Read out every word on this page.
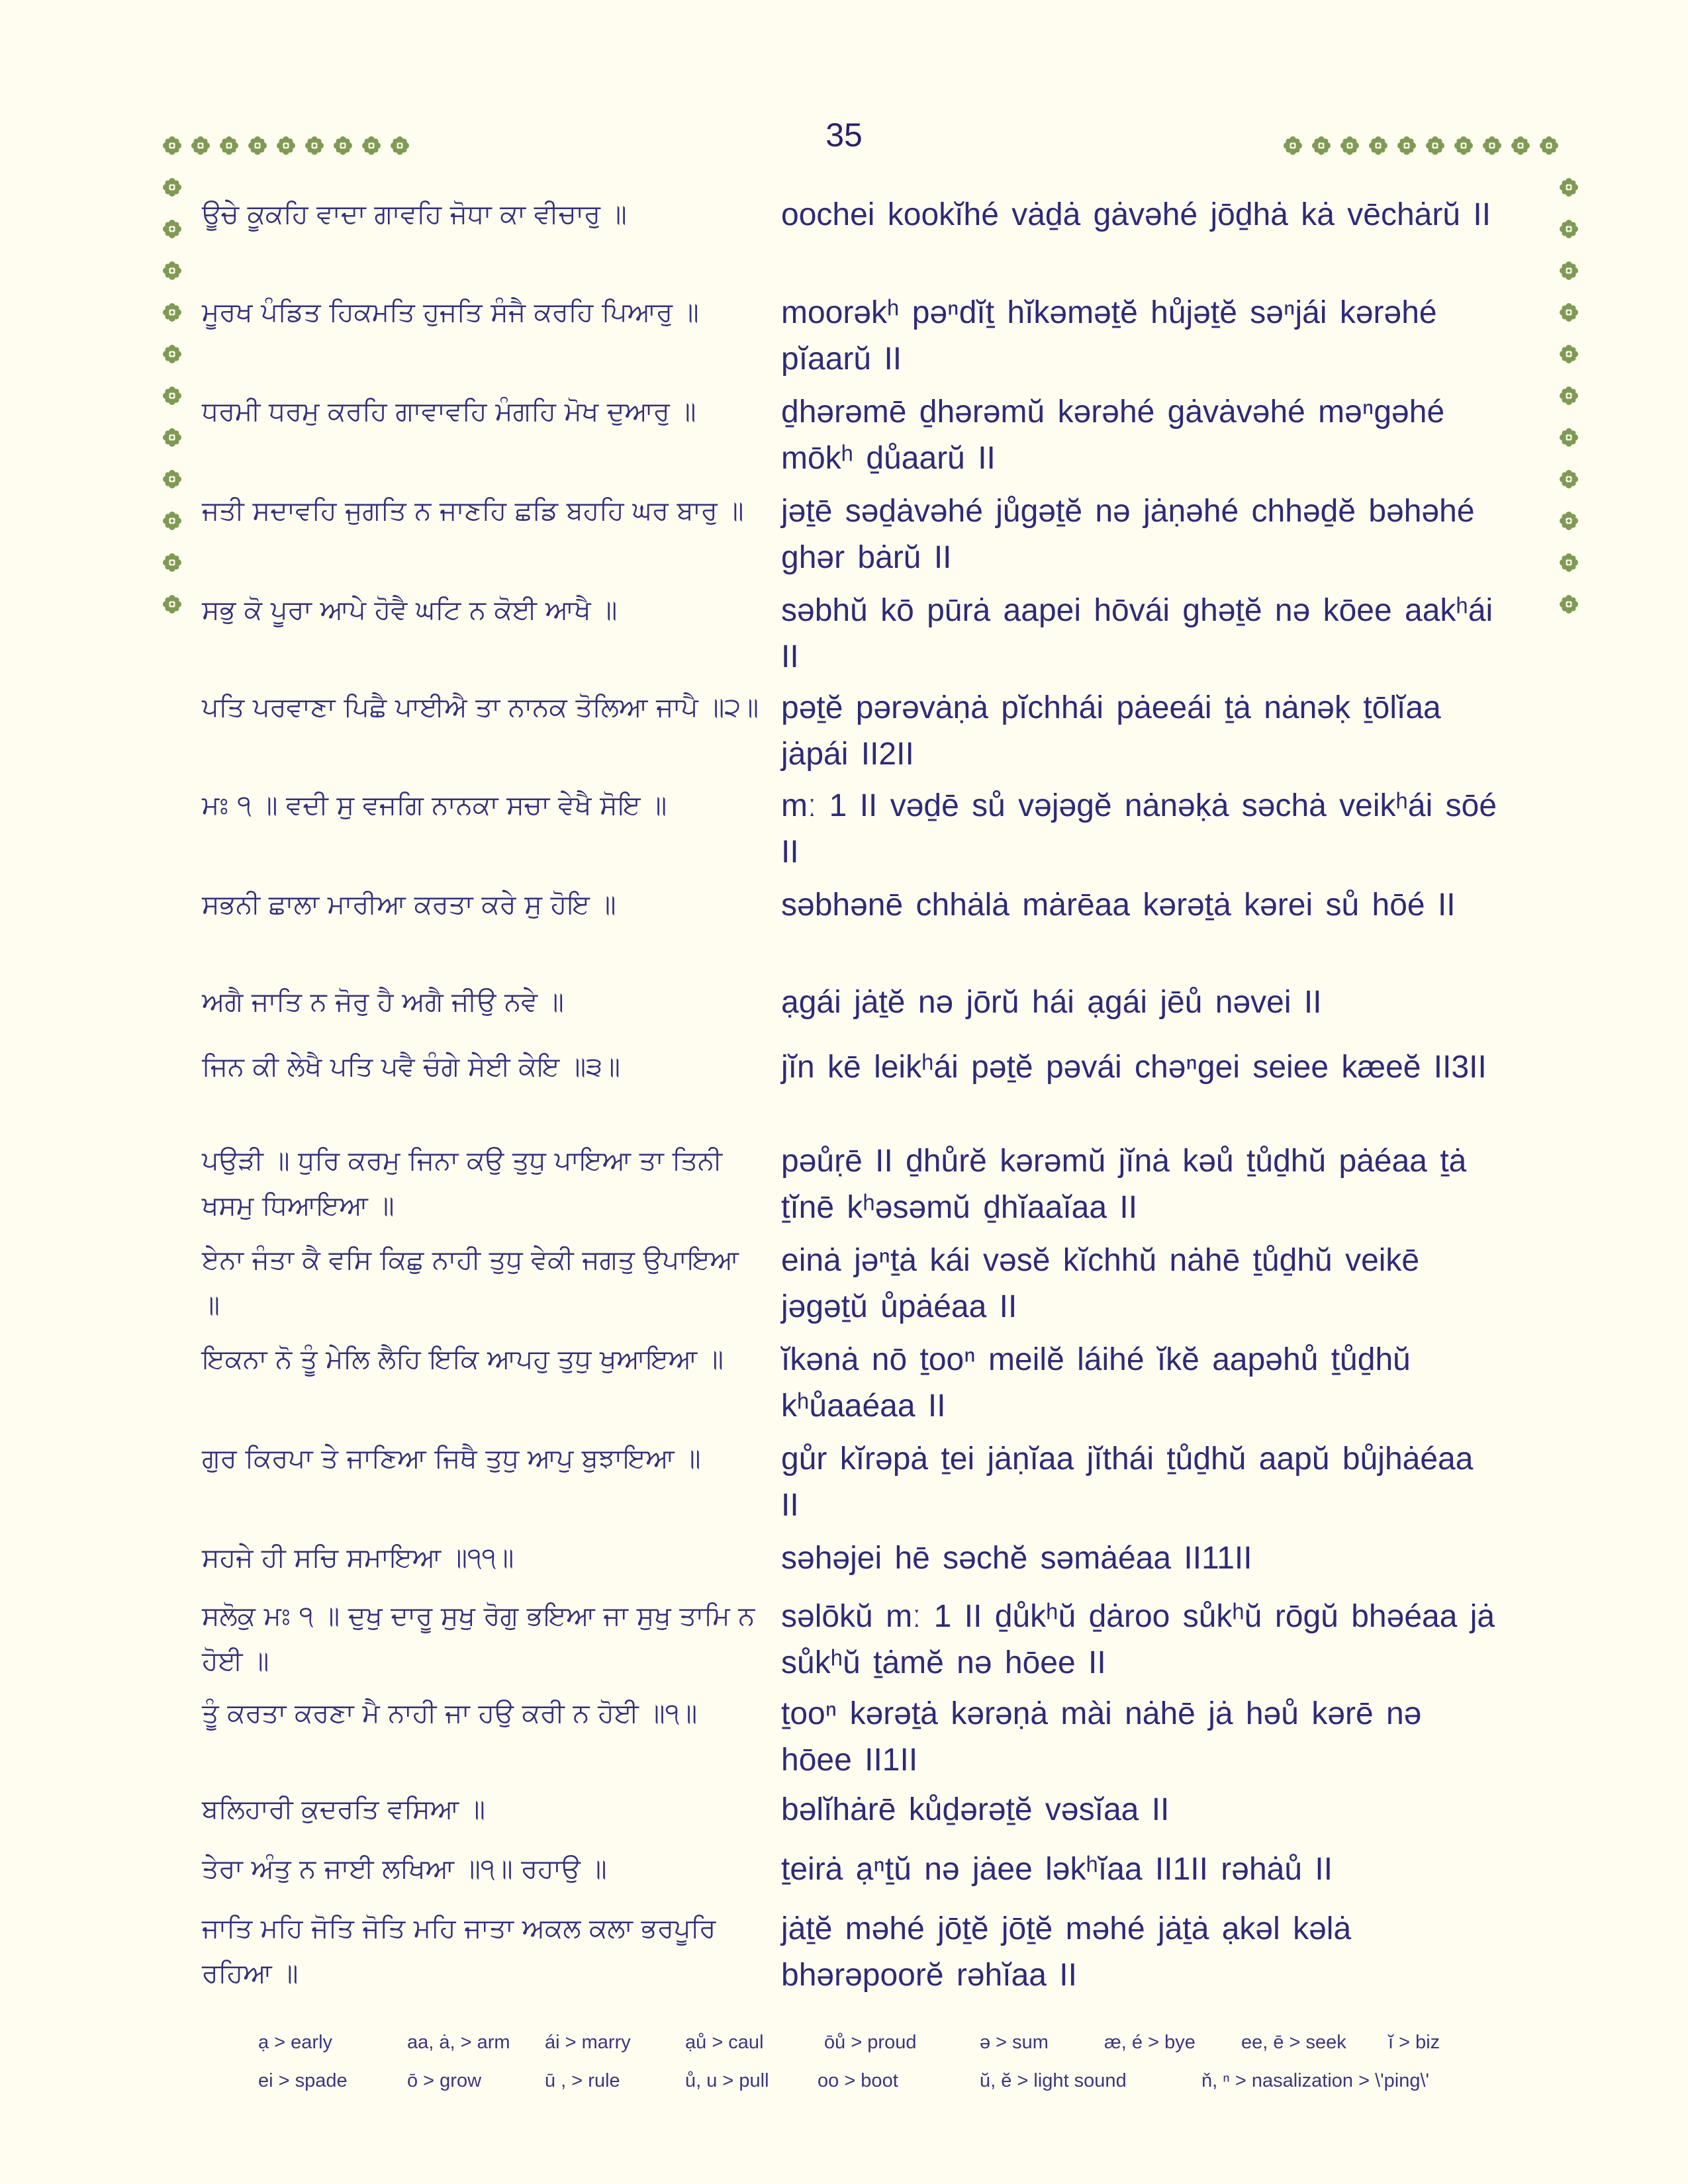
35
ਊਚੇ ਕੂਕਹਿ ਵਾਦਾ ਗਾਵਹਿ ਜੋਧਾ ਕਾ ਵੀਚਾਰੁ ॥	oochei kookĭhé vȧḏȧ gȧvəhé jōḏhȧ kȧ vēchȧrŭ II
ਮੂਰਖ ਪੰਡਿਤ ਹਿਕਮਤਿ ਹੁਜਤਿ ਸੰਜੈ ਕਰਹਿ ਪਿਆਰੁ ॥	moorəkʰ pəⁿdĭṯ hĭkəməṯĕ hůjəṯĕ səⁿjái kərəhé pĭaarŭ II
ਧਰਮੀ ਧਰਮੁ ਕਰਹਿ ਗਾਵਾਵਹਿ ਮੰਗਹਿ ਮੋਖ ਦੁਆਰੁ ॥	ḏhərəmē ḏhərəmŭ kərəhé gȧvȧvəhé məⁿgəhé mōkʰ ḏůaarŭ II
ਜਤੀ ਸਦਾਵਹਿ ਜੁਗਤਿ ਨ ਜਾਣਹਿ ਛਡਿ ਬਹਹਿ ਘਰ ਬਾਰੁ ॥	jəṯē səḏȧvəhé jůgəṯĕ nə jȧṇəhé chhəḏĕ bəhəhé ghər bȧrŭ II
ਸਭੁ ਕੋ ਪੂਰਾ ਆਪੇ ਹੋਵੈ ਘਟਿ ਨ ਕੋਈ ਆਖੈ ॥	səbhŭ kō pūrȧ aapei hōvái ghəṯĕ nə kōee aakʰái II
ਪਤਿ ਪਰਵਾਣਾ ਪਿਛੈ ਪਾਈਐ ਤਾ ਨਾਨਕ ਤੋਲਿਆ ਜਾਪੈ ॥੨॥ pəṯĕ pərəvȧṇȧ pĭchhái pȧeeái ṯȧ nȧnəḳ ṯōlĭaa jȧpái II2II
ਮਃ ੧ ॥ ਵਦੀ ਸੁ ਵਜਗਿ ਨਾਨਕਾ ਸਚਾ ਵੇਖੈ ਸੋਇ ॥	mː 1 II vəḏē sů vəjəgĕ nȧnəḳȧ səchȧ veikʰái sōé II
ਸਭਨੀ ਛਾਲਾ ਮਾਰੀਆ ਕਰਤਾ ਕਰੇ ਸੁ ਹੋਇ ॥	səbhənē chhȧlȧ mȧrēaa kərəṯȧ kərei sů hōé II
ਅਗੈ ਜਾਤਿ ਨ ਜੋਰੁ ਹੈ ਅਗੈ ਜੀਉ ਨਵੇ ॥	ạgái jȧṯĕ nə jōrŭ hái ạgái jēů nəvei II
ਜਿਨ ਕੀ ਲੇਖੈ ਪਤਿ ਪਵੈ ਚੰਗੇ ਸੇਈ ਕੇਇ ॥੩॥	jĭn kē leikʰái pəṯĕ pəvái chəⁿgei seiee kæeĕ II3II
ਪਉੜੀ ॥ ਧੁਰਿ ਕਰਮੁ ਜਿਨਾ ਕਉ ਤੁਧੁ ਪਾਇਆ ਤਾ ਤਿਨੀ ਖਸਮੁ ਧਿਆਇਆ ॥
pəůṛē II ḏhůrĕ kərəmŭ jĭnȧ kəů ṯůḏhŭ pȧéaa ṯȧ ṯĭnē kʰəsəmŭ ḏhĭaaĭaa II
ਏਨਾ ਜੰਤਾ ਕੈ ਵਸਿ ਕਿਛੁ ਨਾਹੀ ਤੁਧੁ ਵੇਕੀ ਜਗਤੁ ਉਪਾਇਆ ॥
einȧ jəⁿṯȧ kái vəsĕ kĭchhŭ nȧhē ṯůḏhŭ veikē jəgəṯŭ ůpȧéaa II
ਇਕਨਾ ਨੋ ਤੂੰ ਮੇਲਿ ਲੈਹਿ ਇਕਿ ਆਪਹੁ ਤੁਧੁ ਖੁਆਇਆ ॥	ĭkənȧ nō ṯooⁿ meilĕ láihé ĭkĕ aapəhů ṯůḏhŭ kʰůaaéaa II
ਗੁਰ ਕਿਰਪਾ ਤੇ ਜਾਣਿਆ ਜਿਥੈ ਤੁਧੁ ਆਪੁ ਬੁਝਾਇਆ ॥	gůr kĭrəpȧ ṯei jȧṇĭaa jĭthái ṯůḏhŭ aapŭ bůjhȧéaa II
ਸਹਜੇ ਹੀ ਸਚਿ ਸਮਾਇਆ ॥੧੧॥	səhəjei hē səchĕ səmȧéaa II11II
ਸਲੋਕੁ ਮਃ ੧ ॥ ਦੁਖੁ ਦਾਰੂ ਸੁਖੁ ਰੋਗੁ ਭਇਆ ਜਾ ਸੁਖੁ ਤਾਮਿ ਨ ਹੋਈ ॥
səlōkŭ mː 1 II ḏůkʰŭ ḏȧroo sůkʰŭ rōgŭ bhəéaa jȧ sůkʰŭ ṯȧmĕ nə hōee II
ਤੂੰ ਕਰਤਾ ਕਰਣਾ ਮੈ ਨਾਹੀ ਜਾ ਹਉ ਕਰੀ ਨ ਹੋਈ ॥੧॥	ṯooⁿ kərəṯȧ kərəṇȧ mài nȧhē jȧ həů kərē nə hōee II1II
ਬਲਿਹਾਰੀ ਕੁਦਰਤਿ ਵਸਿਆ ॥	bəlĭhȧrē kůḏərəṯĕ vəsĭaa II
ਤੇਰਾ ਅੰਤੁ ਨ ਜਾਈ ਲਖਿਆ ॥੧॥ ਰਹਾਉ ॥	ṯeirȧ ạⁿṯŭ nə jȧee ləkʰĭaa II1II rəhȧů II
ਜਾਤਿ ਮਹਿ ਜੋਤਿ ਜੋਤਿ ਮਹਿ ਜਾਤਾ ਅਕਲ ਕਲਾ ਭਰਪੂਰਿ ਰਹਿਆ ॥
jȧṯĕ məhé jōṯĕ jōṯĕ məhé jȧṯȧ ạkəl kəlȧ bhərəpoorĕ rəhĭaa II
ạ > early	aa, ȧ, > arm ái > marry	ạů > caul	ōů > proud	ə > sum	æ, é > bye ee, ē > seek ĭ > biz
ei > spade	ō > grow	ū , > rule	ů, u > pull	oo > boot	ŭ, ĕ > light sound	ň, ⁿ > nasalization > \'ping\'
